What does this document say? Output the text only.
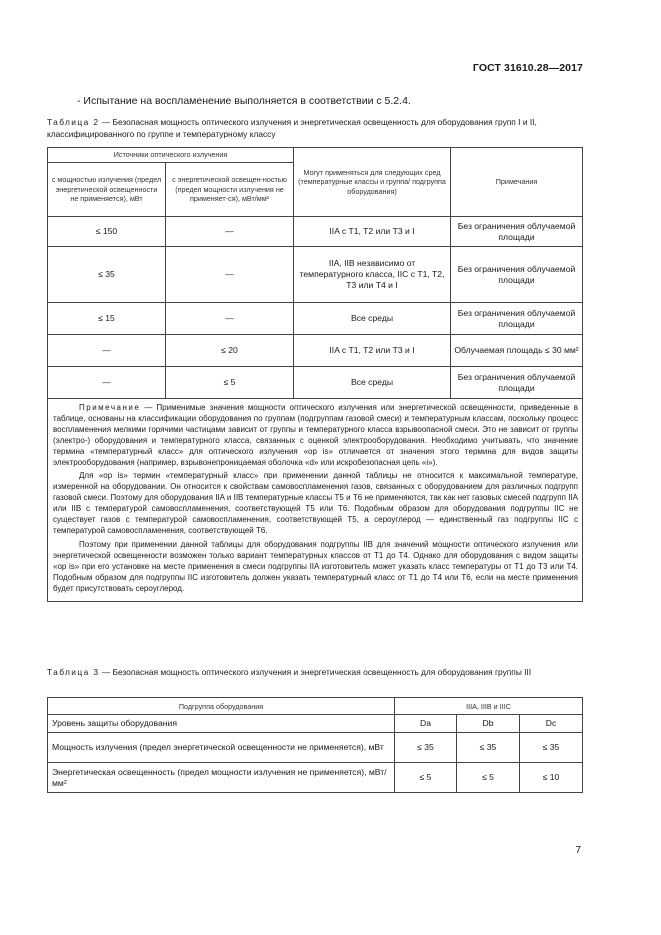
ГОСТ 31610.28—2017
- Испытание на воспламенение выполняется в соответствии с 5.2.4.
Таблица 2 — Безопасная мощность оптического излучения и энергетическая освещенность для оборудования групп I и II, классифицированного по группе и температурному классу
Источники оптического излучения		Могут применяться для следующих сред (температурные классы и группа/ подгруппа оборудования)	Примечания
с мощностью излучения (предел энергетической освещенности не применяется), мВт	с энергетической освещен-ностью (предел мощности излучения не применяет-ся), мВт/мм²		
≤ 150	—	IIA с T1, T2 или T3 и I	Без ограничения облучаемой площади
≤ 35	—	IIA, IIB независимо от температурного класса, IIC с T1, T2, T3 или T4 и I	Без ограничения облучаемой площади
≤ 15	—	Все среды	Без ограничения облучаемой площади
—	≤ 20	IIA с T1, T2 или T3 и I	Облучаемая площадь ≤ 30 мм²
—	≤ 5	Все среды	Без ограничения облучаемой площади

Примечание — Применимые значения мощности оптического излучения или энергетической освещенности, приведенные в таблице, основаны на классификации оборудования по группам (подгруппам газовой смеси) и температурным классам, поскольку процесс воспламенения мелкими горячими частицами зависит от группы и температурного класса взрывоопасной смеси. Это не зависит от группы (электро-) оборудования и температурного класса, связанных с оценкой электрооборудования. Необходимо учитывать, что значение термина «температурный класс» для оптического излучения «op is» отличается от значения этого термина для видов защиты электрооборудования (например, взрывонепроницаемая оболочка «d» или искробезопасная цепь «i»).

Для «op is» термин «температурный класс» при применении данной таблицы не относится к максимальной температуре, измеренной на оборудовании. Он относится к свойствам самовоспламенения газов, связанных с оборудованием для различных подгрупп газовой смеси. Поэтому для оборудования IIA и IIB температурные классы T5 и T6 не применяются, так как нет газовых смесей подгрупп IIA или IIB с температурой самовоспламенения, соответствующей T5 или T6. Подобным образом для оборудования подгруппы IIC не существует газов с температурой самовоспламенения, соответствующей T5, а сероуглерод — единственный газ подгруппы IIC с температурой самовоспламенения, соответствующей T6.

Поэтому при применении данной таблицы для оборудования подгруппы IIB для значений мощности оптического излучения или энергетической освещенности возможен только вариант температурных классов от T1 до T4. Однако для оборудования с видом защиты «op is» при его установке на месте применения в смеси подгруппы IIA изготовитель может указать класс температуры от T1 до T3 или T4. Подобным образом для подгруппы IIC изготовитель должен указать температурный класс от T1 до T4 или T6, если на месте применения будет присутствовать сероуглерод.			

Таблица 3 — Безопасная мощность оптического излучения и энергетическая освещенность для оборудования группы III
Подгруппа оборудования	IIIA, IIIB и IIIC		
Уровень защиты оборудования	Da	Db	Dc
Мощность излучения (предел энергетической освещенности не применяется), мВт	≤ 35	≤ 35	≤ 35
Энергетическая освещенность (предел мощности излучения не применяется), мВт/мм²	≤ 5	≤ 5	≤ 10
7
